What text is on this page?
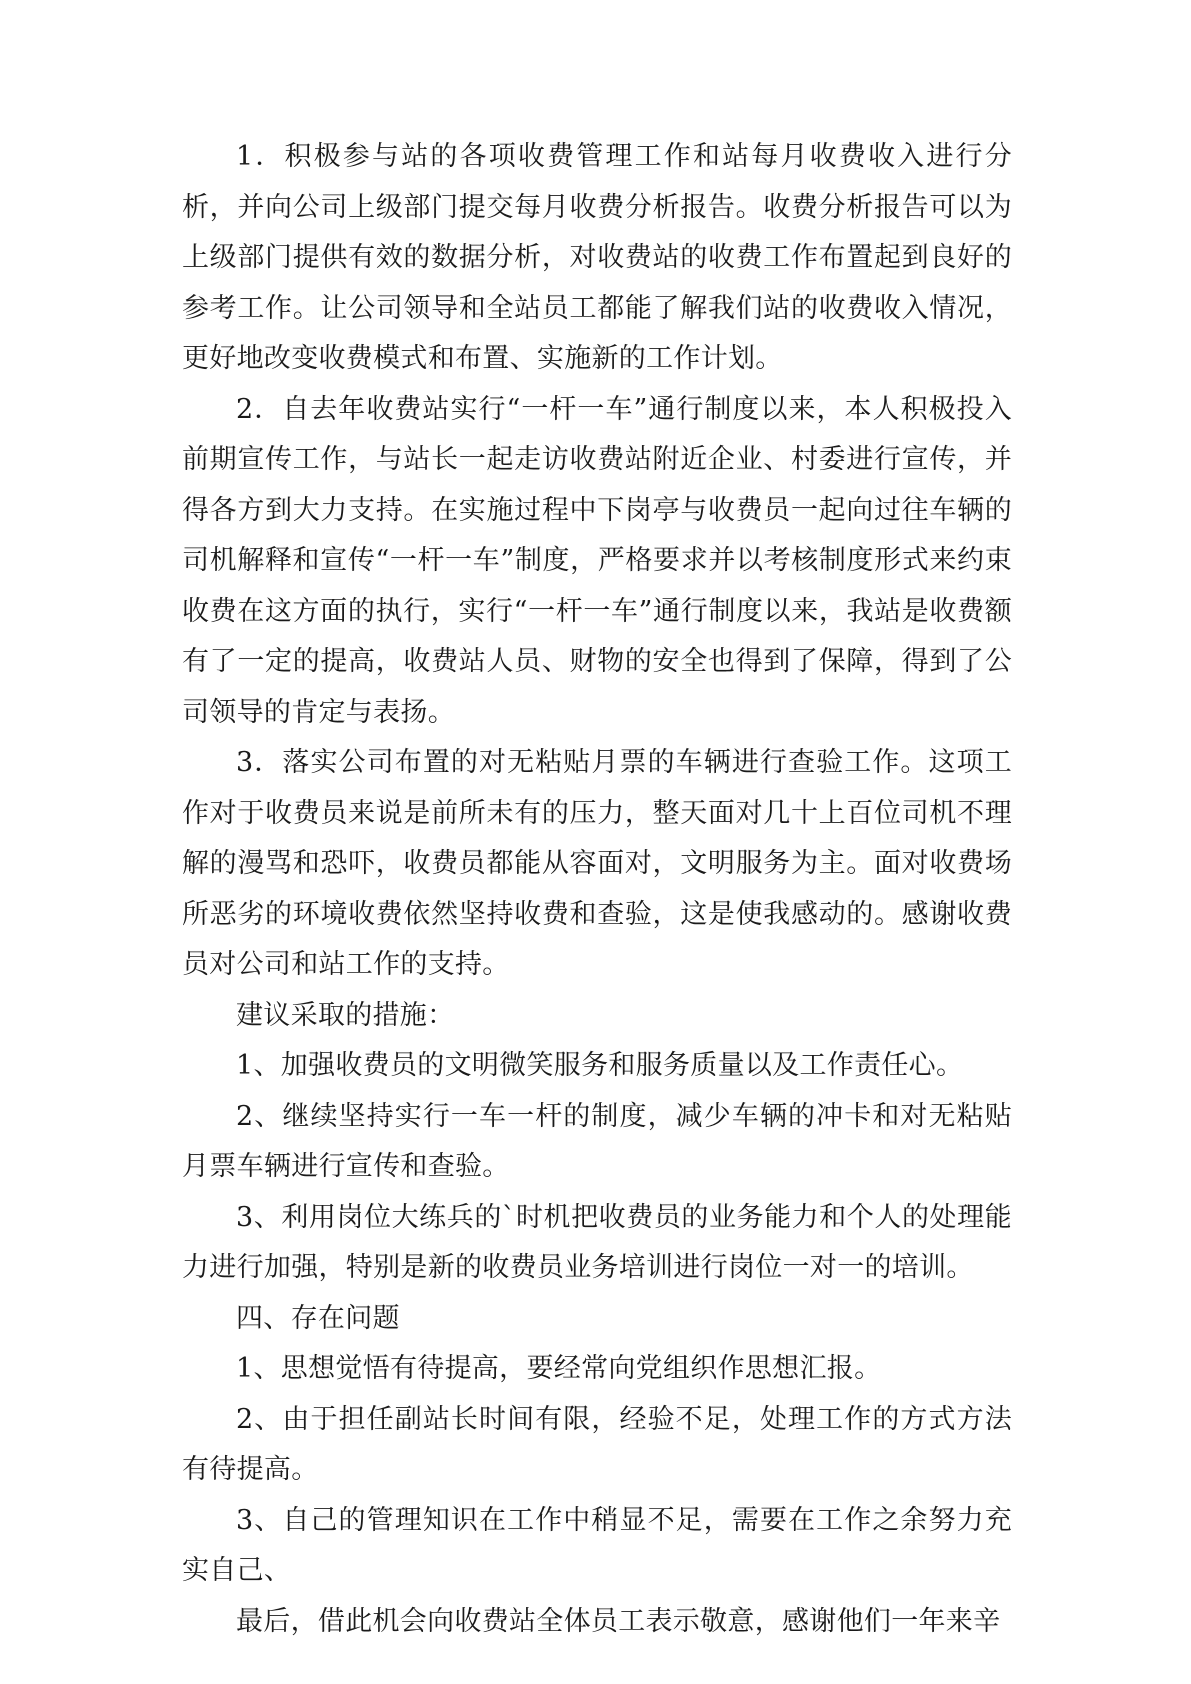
1．积极参与站的各项收费管理工作和站每月收费收入进行分析，并向公司上级部门提交每月收费分析报告。收费分析报告可以为上级部门提供有效的数据分析，对收费站的收费工作布置起到良好的参考工作。让公司领导和全站员工都能了解我们站的收费收入情况，更好地改变收费模式和布置、实施新的工作计划。

2．自去年收费站实行“一杆一车”通行制度以来，本人积极投入前期宣传工作，与站长一起走访收费站附近企业、村委进行宣传，并得各方到大力支持。在实施过程中下岗亭与收费员一起向过往车辆的司机解释和宣传“一杆一车”制度，严格要求并以考核制度形式来约束收费在这方面的执行，实行“一杆一车”通行制度以来，我站是收费额有了一定的提高，收费站人员、财物的安全也得到了保障，得到了公司领导的肯定与表扬。

3．落实公司布置的对无粘贴月票的车辆进行查验工作。这项工作对于收费员来说是前所未有的压力，整天面对几十上百位司机不理解的漫骂和恐吓，收费员都能从容面对，文明服务为主。面对收费场所恶劣的环境收费依然坚持收费和查验，这是使我感动的。感谢收费员对公司和站工作的支持。

建议采取的措施：

1、加强收费员的文明微笑服务和服务质量以及工作责任心。

2、继续坚持实行一车一杆的制度，减少车辆的冲卡和对无粘贴月票车辆进行宣传和查验。

3、利用岗位大练兵的`时机把收费员的业务能力和个人的处理能力进行加强，特别是新的收费员业务培训进行岗位一对一的培训。

四、存在问题

1、思想觉悟有待提高，要经常向党组织作思想汇报。

2、由于担任副站长时间有限，经验不足，处理工作的方式方法有待提高。

3、自己的管理知识在工作中稍显不足，需要在工作之余努力充实自己、

最后，借此机会向收费站全体员工表示敬意，感谢他们一年来辛
